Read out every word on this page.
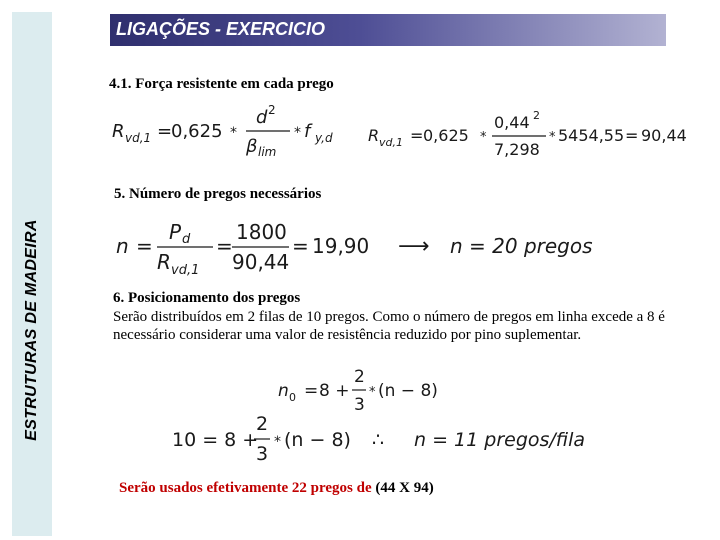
ESTRUTURAS DE MADEIRA
LIGAÇÕES - EXERCICIO
4.1. Força resistente em cada prego
R vd,1 =
0,625 *
d 2
β lim
* f y,d R vd,1 = 0,625 *
0,44 2
7,298
* 5454,55 = 90,44
5. Número de pregos necessários
n =
P d
R vd,1
=
1800
90,44
= 19,90 ⟶ n = 20 pregos
6. Posicionamento dos pregos
Serão distribuídos em 2 filas de 10 pregos. Como o número de pregos em linha excede a 8 é necessário considerar uma valor de resistência reduzido por pino suplementar.
n 0 = 8 +
2
3
* (n − 8)
10 = 8 +
2
3
* (n − 8) ∴ n = 11 pregos/fila
Serão usados efetivamente 22 pregos de (44 X 94)
